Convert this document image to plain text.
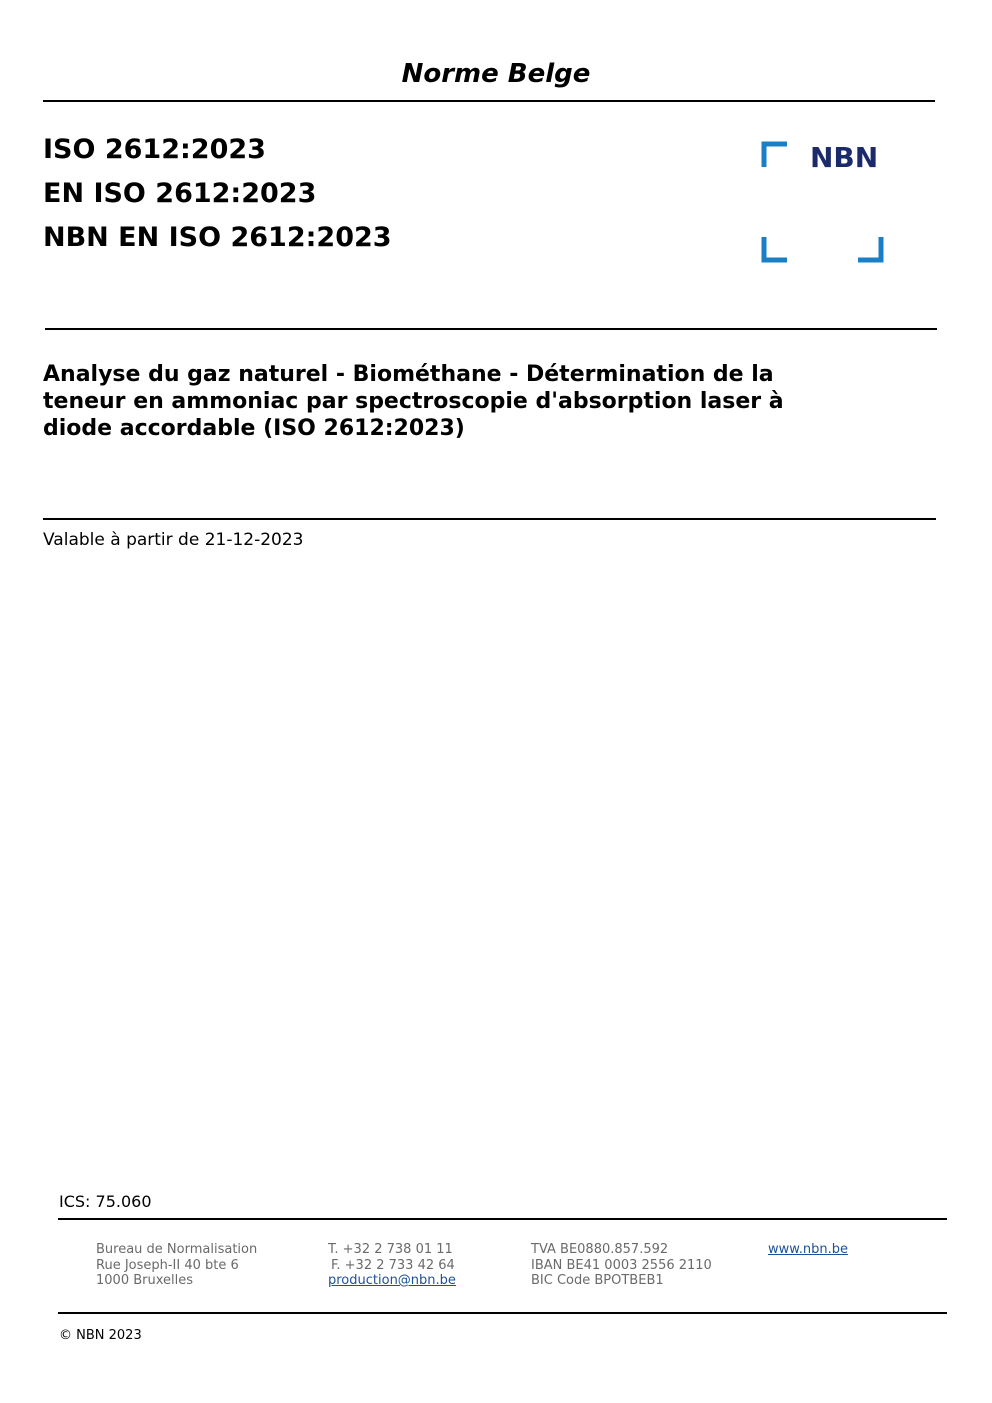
Norme Belge
ISO 2612:2023
EN ISO 2612:2023
NBN EN ISO 2612:2023
NBN
Analyse du gaz naturel - Biométhane - Détermination de la
teneur en ammoniac par spectroscopie d'absorption laser à
diode accordable (ISO 2612:2023)
Valable à partir de 21-12-2023
ICS: 75.060
Bureau de Normalisation
Rue Joseph-II 40 bte 6
1000 Bruxelles
T. +32 2 738 01 11
F. +32 2 733 42 64
production@nbn.be
TVA BE0880.857.592
IBAN BE41 0003 2556 2110
BIC Code BPOTBEB1
www.nbn.be
© NBN 2023
